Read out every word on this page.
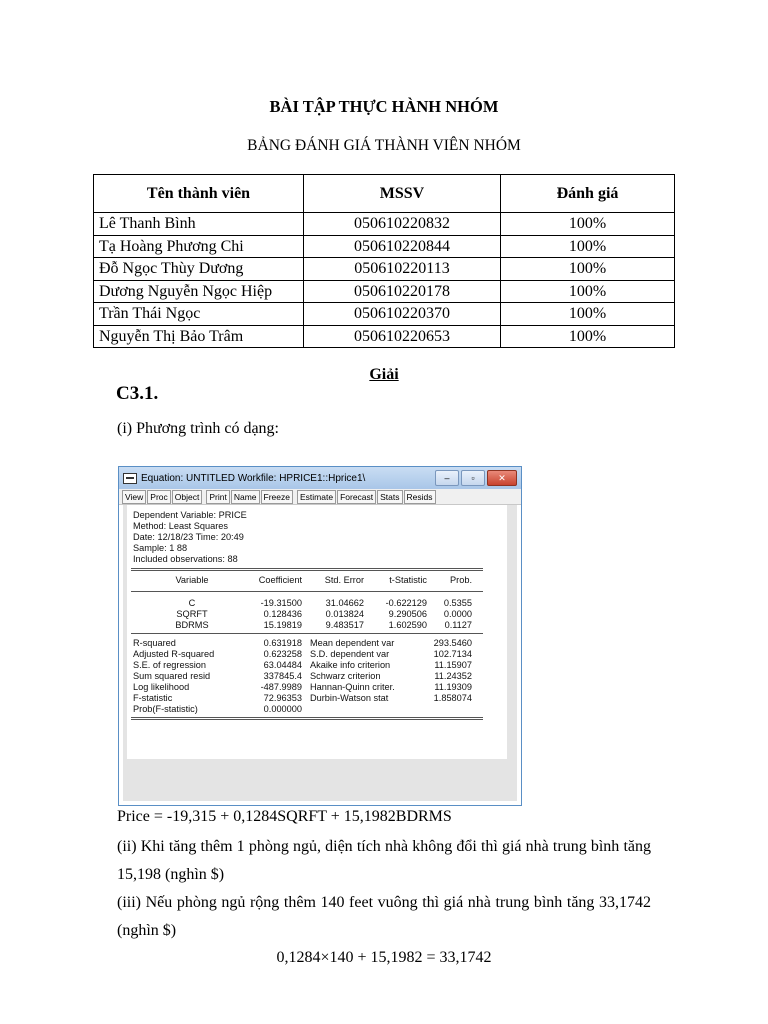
BÀI TẬP THỰC HÀNH NHÓM
BẢNG ĐÁNH GIÁ THÀNH VIÊN NHÓM
Tên thành viên	MSSV	Đánh giá
Lê Thanh Bình	050610220832	100%
Tạ Hoàng Phương Chi	050610220844	100%
Đỗ Ngọc Thùy Dương	050610220113	100%
Dương Nguyễn Ngọc Hiệp	050610220178	100%
Trần Thái Ngọc	050610220370	100%
Nguyễn Thị Bảo Trâm	050610220653	100%
Giải
C3.1.
(i) Phương trình có dạng:
Equation: UNTITLED Workfile: HPRICE1::Hprice1\	–	▫	✕
View Proc Object	Print Name Freeze	Estimate Forecast Stats Resids
Dependent Variable: PRICE
Method: Least Squares
Date: 12/18/23 Time: 20:49
Sample: 1 88
Included observations: 88
Variable	Coefficient	Std. Error	t-Statistic	Prob.
C	-19.31500	31.04662	-0.622129	0.5355
SQRFT	0.128436	0.013824	9.290506	0.0000
BDRMS	15.19819	9.483517	1.602590	0.1127
R-squared	0.631918 Mean dependent var	293.5460
Adjusted R-squared	0.623258 S.D. dependent var	102.7134
S.E. of regression	63.04484 Akaike info criterion	11.15907
Sum squared resid	337845.4 Schwarz criterion	11.24352
Log likelihood	-487.9989 Hannan-Quinn criter.	11.19309
F-statistic	72.96353 Durbin-Watson stat	1.858074
Prob(F-statistic)	0.000000
Price = -19,315 + 0,1284SQRFT + 15,1982BDRMS
(ii) Khi tăng thêm 1 phòng ngủ, diện tích nhà không đổi thì giá nhà trung bình tăng 15,198 (nghìn $)
(iii) Nếu phòng ngủ rộng thêm 140 feet vuông thì giá nhà trung bình tăng 33,1742 (nghìn $)
0,1284×140 + 15,1982 = 33,1742
